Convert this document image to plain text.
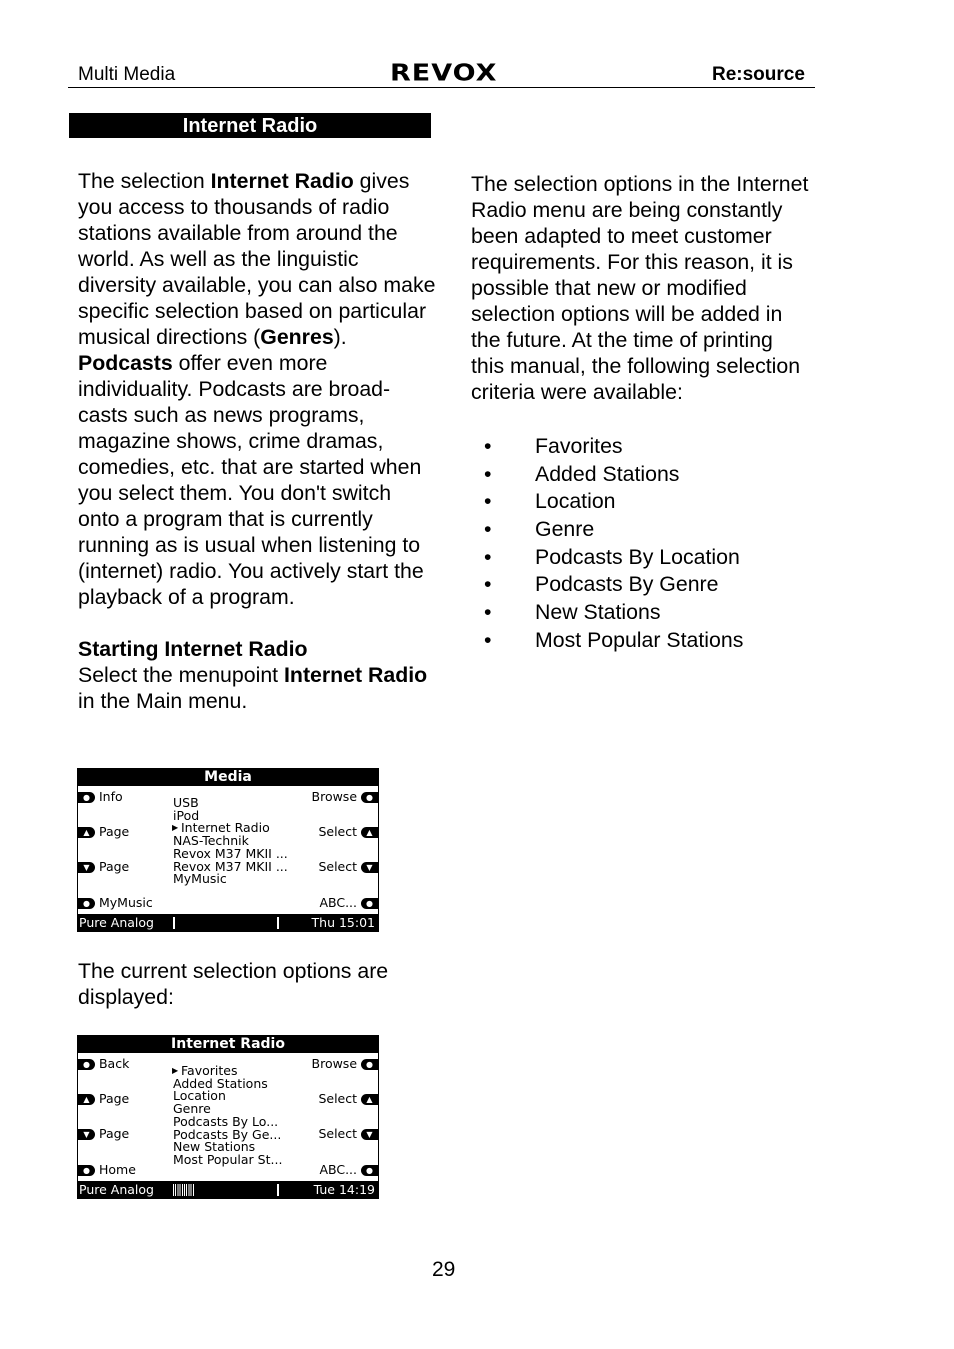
Multi Media	REVOX	Re:source
Internet Radio

The selection Internet Radio gives you access to thousands of radio stations available from around the world. As well as the linguistic diversity available, you can also make specific selection based on particular musical directions (Genres).

Podcasts offer even more individuality. Podcasts are broad-casts such as news programs, magazine shows, crime dramas, comedies, etc. that are started when you select them. You don't switch onto a program that is currently running as is usual when listening to (internet) radio. You actively start the playback of a program.

Starting Internet Radio

Select the menupoint Internet Radio in the Main menu.

The selection options in the Internet Radio menu are being constantly been adapted to meet customer requirements. For this reason, it is possible that new or modified selection options will be added in the future. At the time of printing this manual, the following selection criteria were available:

• Favorites
• Added Stations
• Location
• Genre
• Podcasts By Location
• Podcasts By Genre
• New Stations
• Most Popular Stations
Media
● Info
▲ Page
▼ Page
● MyMusic
Browse ●
Select ▲
Select ▼
ABC... ●
USB
iPod
▶ Internet Radio
NAS-Technik
Revox M37 MKII ...
Revox M37 MKII ...
MyMusic
Pure Analog	Thu 15:01

The current selection options are displayed:

Internet Radio
● Back
▲ Page
▼ Page
● Home
Browse ●
Select ▲
Select ▼
ABC... ●
▶ Favorites
Added Stations
Location
Genre
Podcasts By Lo...
Podcasts By Ge...
New Stations
Most Popular St...
Pure Analog	Tue 14:19
29
